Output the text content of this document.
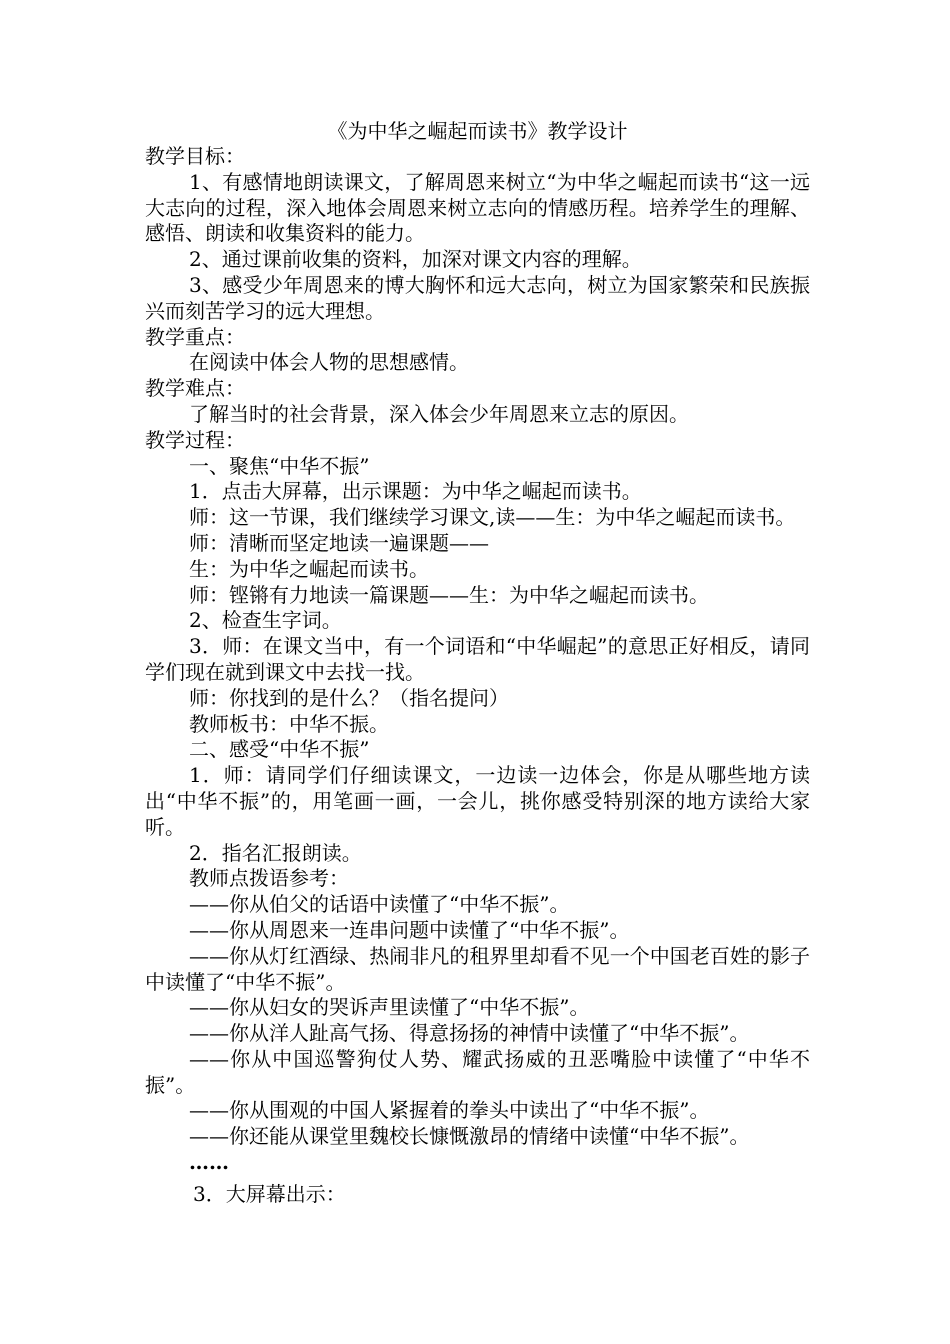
《为中华之崛起而读书》教学设计
教学目标：
1、有感情地朗读课文，了解周恩来树立“为中华之崛起而读书“这一远大志向的过程，深入地体会周恩来树立志向的情感历程。培养学生的理解、感悟、朗读和收集资料的能力。
2、通过课前收集的资料，加深对课文内容的理解。
3、感受少年周恩来的博大胸怀和远大志向，树立为国家繁荣和民族振兴而刻苦学习的远大理想。
教学重点：
在阅读中体会人物的思想感情。
教学难点：
了解当时的社会背景，深入体会少年周恩来立志的原因。
教学过程：
一、聚焦“中华不振”
1．点击大屏幕，出示课题：为中华之崛起而读书。
师：这一节课，我们继续学习课文,读——生：为中华之崛起而读书。
师：清晰而坚定地读一遍课题——
生：为中华之崛起而读书。
师：铿锵有力地读一篇课题——生：为中华之崛起而读书。
2、检查生字词。
3．师：在课文当中，有一个词语和“中华崛起”的意思正好相反，请同学们现在就到课文中去找一找。
师：你找到的是什么？（指名提问）
教师板书：中华不振。
二、感受“中华不振”
1．师：请同学们仔细读课文，一边读一边体会，你是从哪些地方读出“中华不振”的，用笔画一画，一会儿，挑你感受特别深的地方读给大家听。
2．指名汇报朗读。
教师点拨语参考：
——你从伯父的话语中读懂了“中华不振”。
——你从周恩来一连串问题中读懂了“中华不振”。
——你从灯红酒绿、热闹非凡的租界里却看不见一个中国老百姓的影子中读懂了“中华不振”。
——你从妇女的哭诉声里读懂了“中华不振”。
——你从洋人趾高气扬、得意扬扬的神情中读懂了“中华不振”。
——你从中国巡警狗仗人势、耀武扬威的丑恶嘴脸中读懂了“中华不振”。
——你从围观的中国人紧握着的拳头中读出了“中华不振”。
——你还能从课堂里魏校长慷慨激昂的情绪中读懂“中华不振”。
……
3．大屏幕出示：
